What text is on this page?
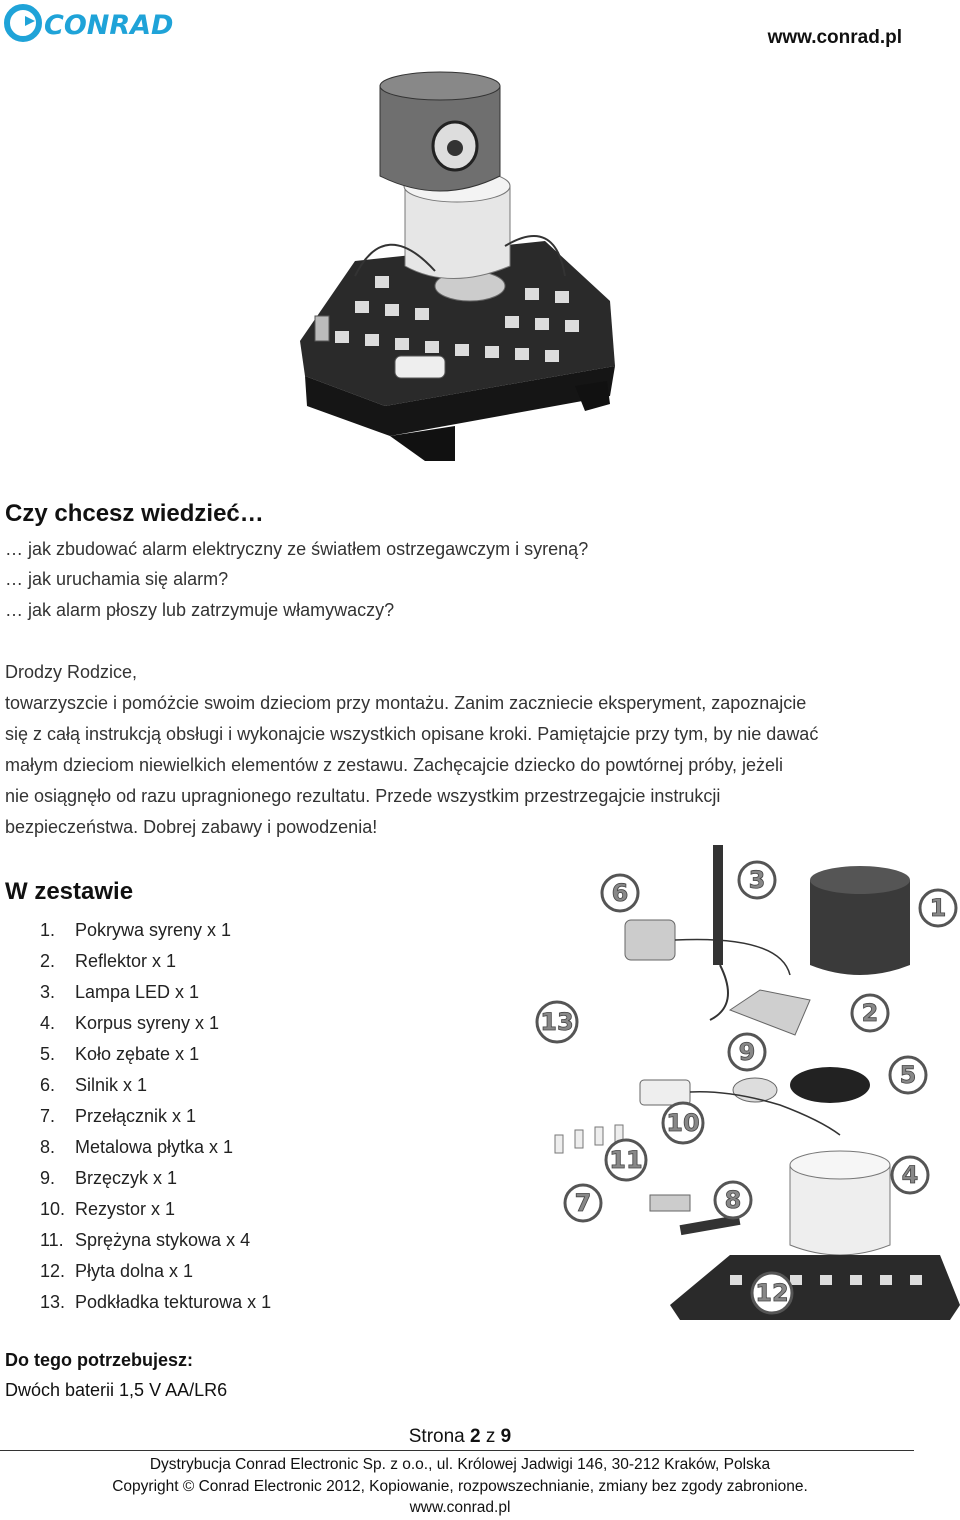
CONRAD	www.conrad.pl
Czy chcesz wiedzieć…
… jak zbudować alarm elektryczny ze światłem ostrzegawczym i syreną?
… jak uruchamia się alarm?
… jak alarm płoszy lub zatrzymuje włamywaczy?

Drodzy Rodzice,

towarzyszcie i pomóżcie swoim dzieciom przy montażu. Zanim zaczniecie eksperyment, zapoznajcie

się z całą instrukcją obsługi i wykonajcie wszystkich opisane kroki. Pamiętajcie przy tym, by nie dawać

małym dzieciom niewielkich elementów z zestawu. Zachęcajcie dziecko do powtórnej próby, jeżeli

nie osiągnęło od razu upragnionego rezultatu. Przede wszystkim przestrzegajcie instrukcji

bezpieczeństwa. Dobrej zabawy i powodzenia!

W zestawie
1. Pokrywa syreny x 1
2. Reflektor x 1
3. Lampa LED x 1
4. Korpus syreny x 1
5. Koło zębate x 1
6. Silnik x 1
7. Przełącznik x 1
8. Metalowa płytka x 1
9. Brzęczyk x 1
10. Rezystor x 1
11. Sprężyna stykowa x 4
12. Płyta dolna x 1
13. Podkładka tekturowa x 1
6	3
1
13	2
9
5
10
11
7	8
4
12
Do tego potrzebujesz:
Dwóch baterii 1,5 V AA/LR6
Strona 2 z 9
Dystrybucja Conrad Electronic Sp. z o.o., ul. Królowej Jadwigi 146, 30-212 Kraków, Polska
Copyright © Conrad Electronic 2012, Kopiowanie, rozpowszechnianie, zmiany bez zgody zabronione.
www.conrad.pl
